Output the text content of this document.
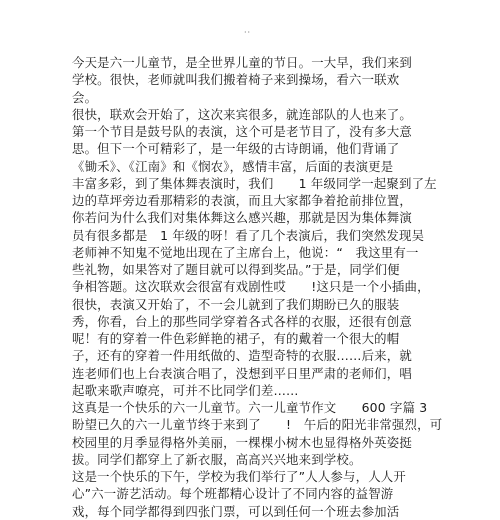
··
今天是六一儿童节，是全世界儿童的节日。一大早，我们来到
学校。很快，老师就叫我们搬着椅子来到操场，看六一联欢
会。
很快，联欢会开始了，这次来宾很多，就连部队的人也来了。
第一个节目是鼓号队的表演，这个可是老节目了，没有多大意
思。但下一个可精彩了，是一年级的古诗朗诵，他们背诵了
《锄禾》、《江南》和《悯农》，感情丰富，后面的表演更是
丰富多彩，到了集体舞表演时，我们　　1 年级同学一起聚到了左
边的草坪旁边看那精彩的表演，而且大家都争着抢前排位置，
你若问为什么我们对集体舞这么感兴趣，那就是因为集体舞演
员有很多都是　1 年级的呀！看了几个表演后，我们突然发现吴
老师神不知鬼不觉地出现在了主席台上，他说：“　我这里有一
些礼物，如果答对了题目就可以得到奖品。”于是，同学们便
争相答题。这次联欢会很富有戏剧性哎　　!这只是一个小插曲，
很快，表演又开始了，不一会儿就到了我们期盼已久的服装
秀，你看，台上的那些同学穿着各式各样的衣服，还很有创意
呢！有的穿着一件色彩鲜艳的裙子，有的戴着一个很大的帽
子，还有的穿着一件用纸做的、造型奇特的衣服……后来，就
连老师们也上台表演合唱了，没想到平日里严肃的老师们，唱
起歌来歌声嘹亮，可并不比同学们差……
这真是一个快乐的六一儿童节。六一儿童节作文　　600 字篇 3
盼望已久的六一儿童节终于来到了　　!　午后的阳光非常强烈，可
校园里的月季显得格外美丽，一棵棵小树木也显得格外英姿挺
拔。同学们都穿上了新衣服，高高兴兴地来到学校。
这是一个快乐的下午，学校为我们举行了”人人参与，人人开
心”六一游艺活动。每个班都精心设计了不同内容的益智游
戏，每个同学都得到四张门票，可以到任何一个班去参加活
